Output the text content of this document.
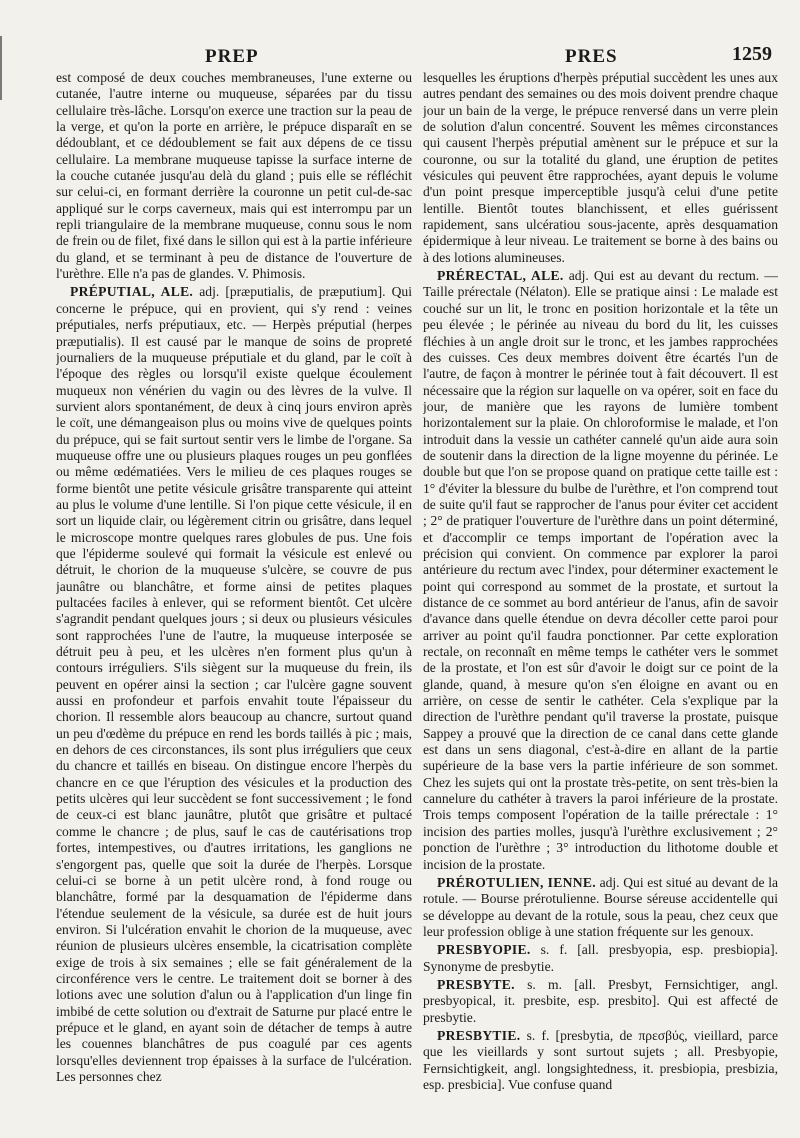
PREP	PRES	1259

est composé de deux couches membraneuses, l'une externe ou cutanée, l'autre interne ou muqueuse, séparées par du tissu cellulaire très-lâche. Lorsqu'on exerce une traction sur la peau de la verge, et qu'on la porte en arrière, le prépuce disparaît en se dédoublant, et ce dédoublement se fait aux dépens de ce tissu cellulaire. La membrane muqueuse tapisse la surface interne de la couche cutanée jusqu'au delà du gland ; puis elle se réfléchit sur celui-ci, en formant derrière la couronne un petit cul-de-sac appliqué sur le corps caverneux, mais qui est interrompu par un repli triangulaire de la membrane muqueuse, connu sous le nom de frein ou de filet, fixé dans le sillon qui est à la partie inférieure du gland, et se terminant à peu de distance de l'ouverture de l'urèthre. Elle n'a pas de glandes. V. Phimosis.

PRÉPUTIAL, ALE. adj. [præputialis, de præputium]. Qui concerne le prépuce, qui en provient, qui s'y rend : veines préputiales, nerfs préputiaux, etc. — Herpès préputial (herpes præputialis). Il est causé par le manque de soins de propreté journaliers de la muqueuse préputiale et du gland, par le coït à l'époque des règles ou lorsqu'il existe quelque écoulement muqueux non vénérien du vagin ou des lèvres de la vulve. Il survient alors spontanément, de deux à cinq jours environ après le coït, une démangeaison plus ou moins vive de quelques points du prépuce, qui se fait surtout sentir vers le limbe de l'organe. Sa muqueuse offre une ou plusieurs plaques rouges un peu gonflées ou même œdématiées. Vers le milieu de ces plaques rouges se forme bientôt une petite vésicule grisâtre transparente qui atteint au plus le volume d'une lentille. Si l'on pique cette vésicule, il en sort un liquide clair, ou légèrement citrin ou grisâtre, dans lequel le microscope montre quelques rares globules de pus. Une fois que l'épiderme soulevé qui formait la vésicule est enlevé ou détruit, le chorion de la muqueuse s'ulcère, se couvre de pus jaunâtre ou blanchâtre, et forme ainsi de petites plaques pultacées faciles à enlever, qui se reforment bientôt. Cet ulcère s'agrandit pendant quelques jours ; si deux ou plusieurs vésicules sont rapprochées l'une de l'autre, la muqueuse interposée se détruit peu à peu, et les ulcères n'en forment plus qu'un à contours irréguliers. S'ils siègent sur la muqueuse du frein, ils peuvent en opérer ainsi la section ; car l'ulcère gagne souvent aussi en profondeur et parfois envahit toute l'épaisseur du chorion. Il ressemble alors beaucoup au chancre, surtout quand un peu d'œdème du prépuce en rend les bords taillés à pic ; mais, en dehors de ces circonstances, ils sont plus irréguliers que ceux du chancre et taillés en biseau. On distingue encore l'herpès du chancre en ce que l'éruption des vésicules et la production des petits ulcères qui leur succèdent se font successivement ; le fond de ceux-ci est blanc jaunâtre, plutôt que grisâtre et pultacé comme le chancre ; de plus, sauf le cas de cautérisations trop fortes, intempestives, ou d'autres irritations, les ganglions ne s'engorgent pas, quelle que soit la durée de l'herpès. Lorsque celui-ci se borne à un petit ulcère rond, à fond rouge ou blanchâtre, formé par la desquamation de l'épiderme dans l'étendue seulement de la vésicule, sa durée est de huit jours environ. Si l'ulcération envahit le chorion de la muqueuse, avec réunion de plusieurs ulcères ensemble, la cicatrisation complète exige de trois à six semaines ; elle se fait généralement de la circonférence vers le centre. Le traitement doit se borner à des lotions avec une solution d'alun ou à l'application d'un linge fin imbibé de cette solution ou d'extrait de Saturne pur placé entre le prépuce et le gland, en ayant soin de détacher de temps à autre les couennes blanchâtres de pus coagulé par ces agents lorsqu'elles deviennent trop épaisses à la surface de l'ulcération. Les personnes chez

lesquelles les éruptions d'herpès préputial succèdent les unes aux autres pendant des semaines ou des mois doivent prendre chaque jour un bain de la verge, le prépuce renversé dans un verre plein de solution d'alun concentré. Souvent les mêmes circonstances qui causent l'herpès préputial amènent sur le prépuce et sur la couronne, ou sur la totalité du gland, une éruption de petites vésicules qui peuvent être rapprochées, ayant depuis le volume d'un point presque imperceptible jusqu'à celui d'une petite lentille. Bientôt toutes blanchissent, et elles guérissent rapidement, sans ulcératiou sous-jacente, après desquamation épidermique à leur niveau. Le traitement se borne à des bains ou à des lotions alumineuses.

PRÉRECTAL, ALE. adj. Qui est au devant du rectum. — Taille prérectale (Nélaton). Elle se pratique ainsi : Le malade est couché sur un lit, le tronc en position horizontale et la tête un peu élevée ; le périnée au niveau du bord du lit, les cuisses fléchies à un angle droit sur le tronc, et les jambes rapprochées des cuisses. Ces deux membres doivent être écartés l'un de l'autre, de façon à montrer le périnée tout à fait découvert. Il est nécessaire que la région sur laquelle on va opérer, soit en face du jour, de manière que les rayons de lumière tombent horizontalement sur la plaie. On chloroformise le malade, et l'on introduit dans la vessie un cathéter cannelé qu'un aide aura soin de soutenir dans la direction de la ligne moyenne du périnée. Le double but que l'on se propose quand on pratique cette taille est : 1° d'éviter la blessure du bulbe de l'urèthre, et l'on comprend tout de suite qu'il faut se rapprocher de l'anus pour éviter cet accident ; 2° de pratiquer l'ouverture de l'urèthre dans un point déterminé, et d'accomplir ce temps important de l'opération avec la précision qui convient. On commence par explorer la paroi antérieure du rectum avec l'index, pour déterminer exactement le point qui correspond au sommet de la prostate, et surtout la distance de ce sommet au bord antérieur de l'anus, afin de savoir d'avance dans quelle étendue on devra décoller cette paroi pour arriver au point qu'il faudra ponctionner. Par cette exploration rectale, on reconnaît en même temps le cathéter vers le sommet de la prostate, et l'on est sûr d'avoir le doigt sur ce point de la glande, quand, à mesure qu'on s'en éloigne en avant ou en arrière, on cesse de sentir le cathéter. Cela s'explique par la direction de l'urèthre pendant qu'il traverse la prostate, puisque Sappey a prouvé que la direction de ce canal dans cette glande est dans un sens diagonal, c'est-à-dire en allant de la partie supérieure de la base vers la partie inférieure de son sommet. Chez les sujets qui ont la prostate très-petite, on sent très-bien la cannelure du cathéter à travers la paroi inférieure de la prostate. Trois temps composent l'opération de la taille prérectale : 1° incision des parties molles, jusqu'à l'urèthre exclusivement ; 2° ponction de l'urèthre ; 3° introduction du lithotome double et incision de la prostate.

PRÉROTULIEN, IENNE. adj. Qui est situé au devant de la rotule. — Bourse prérotulienne. Bourse séreuse accidentelle qui se développe au devant de la rotule, sous la peau, chez ceux que leur profession oblige à une station fréquente sur les genoux.

PRESBYOPIE. s. f. [all. presbyopia, esp. presbiopia]. Synonyme de presbytie.

PRESBYTE. s. m. [all. Presbyt, Fernsichtiger, angl. presbyopical, it. presbite, esp. presbito]. Qui est affecté de presbytie.

PRESBYTIE. s. f. [presbytia, de πρεσβύς, vieillard, parce que les vieillards y sont surtout sujets ; all. Presbyopie, Fernsichtigkeit, angl. longsightedness, it. presbiopia, presbizia, esp. presbicia]. Vue confuse quand
